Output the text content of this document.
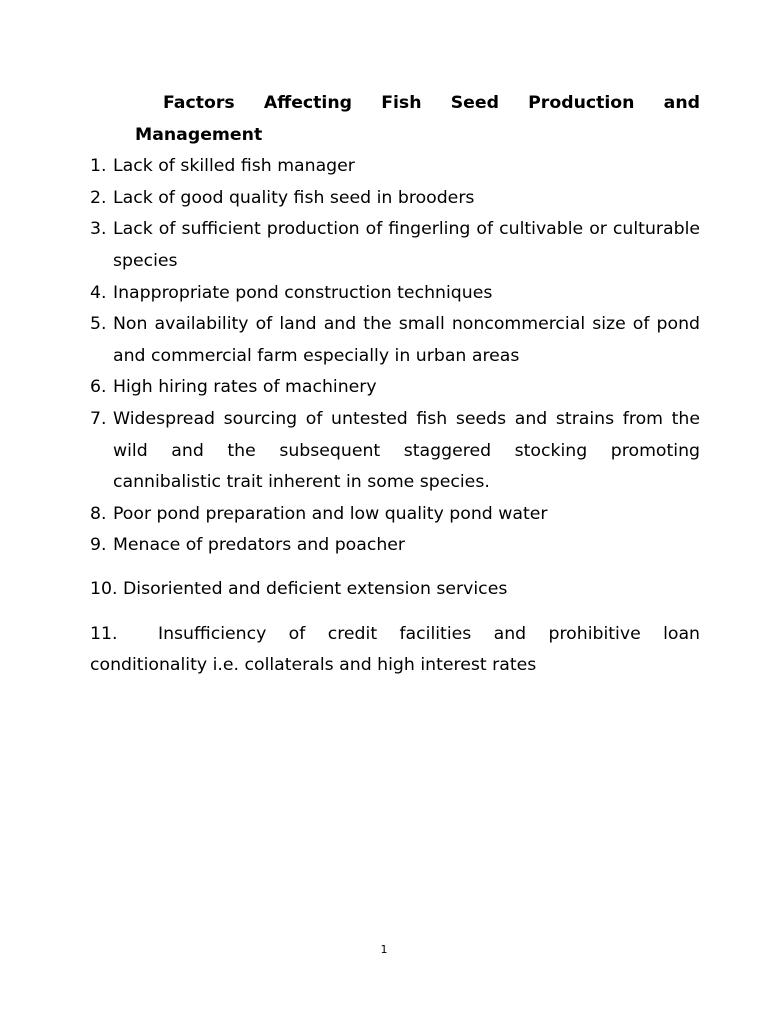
Factors Affecting Fish Seed Production and
Management

1. Lack of skilled fish manager
2. Lack of good quality fish seed in brooders
3. Lack of sufficient production of fingerling of cultivable or culturable species
4. Inappropriate pond construction techniques
5. Non availability of land and the small noncommercial size of pond and commercial farm especially in urban areas
6. High hiring rates of machinery
7. Widespread sourcing of untested fish seeds and strains from the wild and the subsequent staggered stocking promoting cannibalistic trait inherent in some species.
8. Poor pond preparation and low quality pond water
9. Menace of predators and poacher

10. Disoriented and deficient extension services

11. Insufficiency of credit facilities and prohibitive loan conditionality i.e. collaterals and high interest rates

1
